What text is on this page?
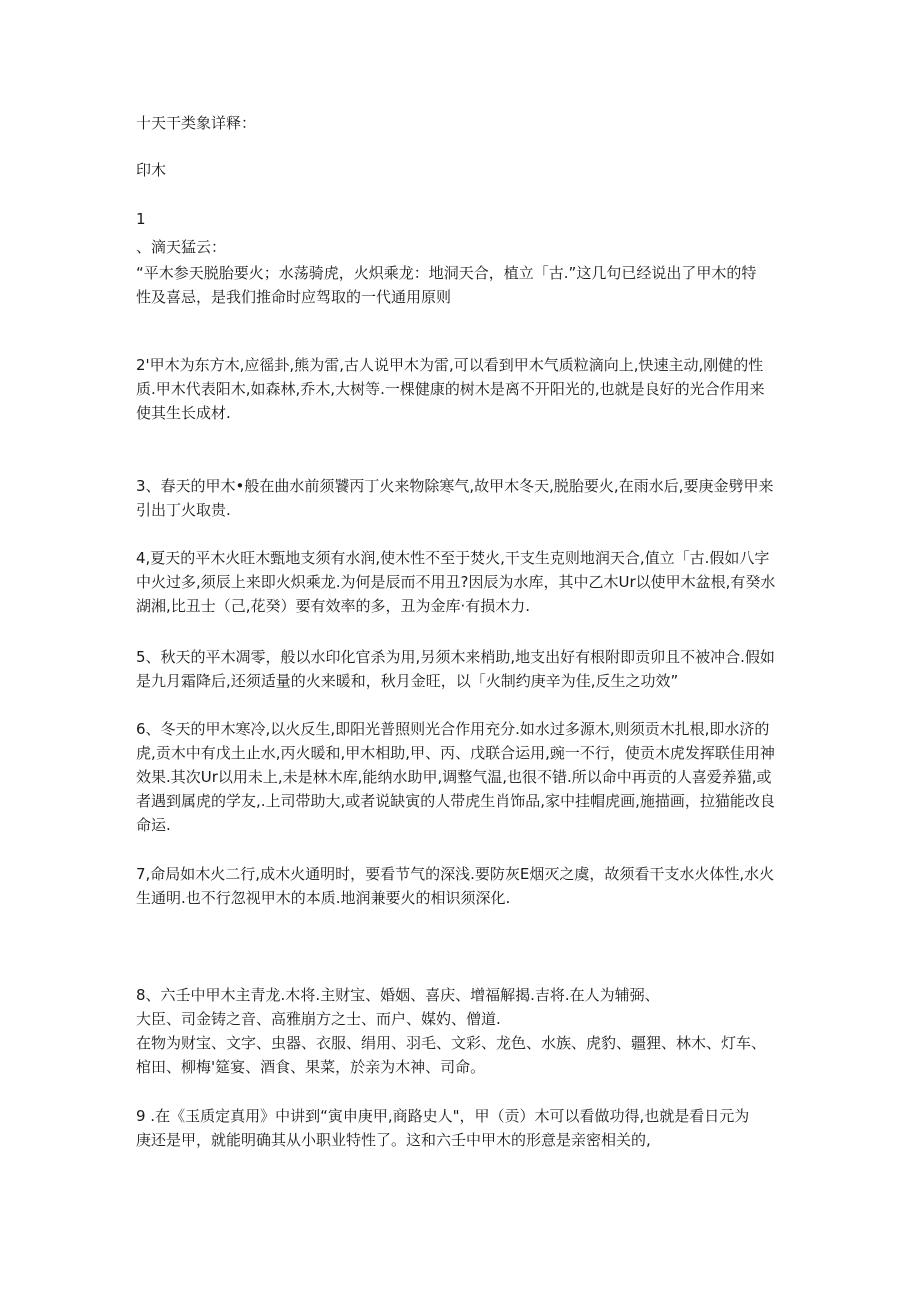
十天干类象详释：
印木
1
、滴天猛云：
“平木参天脱胎要火；水荡骑虎，火炽乘龙：地洞天合，植立「古.”这几句已经说出了甲木的特
性及喜忌，是我们推命时应驾取的一代通用原则
2'甲木为东方木,应徭卦,熊为雷,古人说甲木为雷,可以看到甲木气质粒滴向上,快速主动,刚健的性
质.甲木代表阳木,如森林,乔木,大树等.一棵健康的树木是离不开阳光的,也就是良好的光合作用来
使其生长成材.
3、春天的甲木•般在曲水前须饕丙丁火来物除寒气,故甲木冬天,脱胎要火,在雨水后,要庚金劈甲来
引出丁火取贵.
4,夏天的平木火旺木甄地支须有水润,使木性不至于焚火,干支生克则地润天合,值立「古.假如八字
中火过多,须辰上来即火炽乘龙.为何是辰而不用丑?因辰为水库，其中乙木Ur以使甲木盆根,有癸水
湖湘,比丑士（己,花癸）要有效率的多，丑为金库·有损木力.
5、秋天的平木凋零，般以水印化官杀为用,另须木来梢助,地支出好有根附即贡卯且不被冲合.假如
是九月霜降后,还须适量的火来暖和，秋月金旺，以「火制约庚辛为佳,反生之功效”
6、冬天的甲木寒冷,以火反生,即阳光普照则光合作用充分.如水过多源木,则须贡木扎根,即水济的
虎,贡木中有戊土止水,丙火暖和,甲木相助,甲、丙、戊联合运用,豌一不行，使贡木虎发挥联佳用神
效果.其次Ur以用未上,未是林木库,能纳水助甲,调整气温,也很不错.所以命中再贡的人喜爱养猫,或
者遇到属虎的学友,.上司带助大,或者说缺寅的人带虎生肖饰品,家中挂帽虎画,施描画，拉猫能改良
命运.
7,命局如木火二行,成木火通明时，要看节气的深浅.要防灰E烟灭之虞，故须看干支水火体性,水火
生通明.也不行忽视甲木的本质.地润兼要火的相识须深化.
8、六壬中甲木主青龙.木将.主财宝、婚姻、喜庆、增福解揭.吉将.在人为辅弼、
大臣、司金铸之音、高雅崩方之士、而户、媒妁、僧道.
在物为财宝、文字、虫器、衣服、绢用、羽毛、文彩、龙色、水族、虎豹、疆狸、林木、灯车、
棺田、柳梅'筵宴、酒食、果菜，於亲为木神、司命。
9 .在《玉质定真用》中讲到“寅申庚甲,商路史人"，甲（贡）木可以看做功得,也就是看日元为
庚还是甲，就能明确其从小职业特性了。这和六壬中甲木的形意是亲密相关的,
